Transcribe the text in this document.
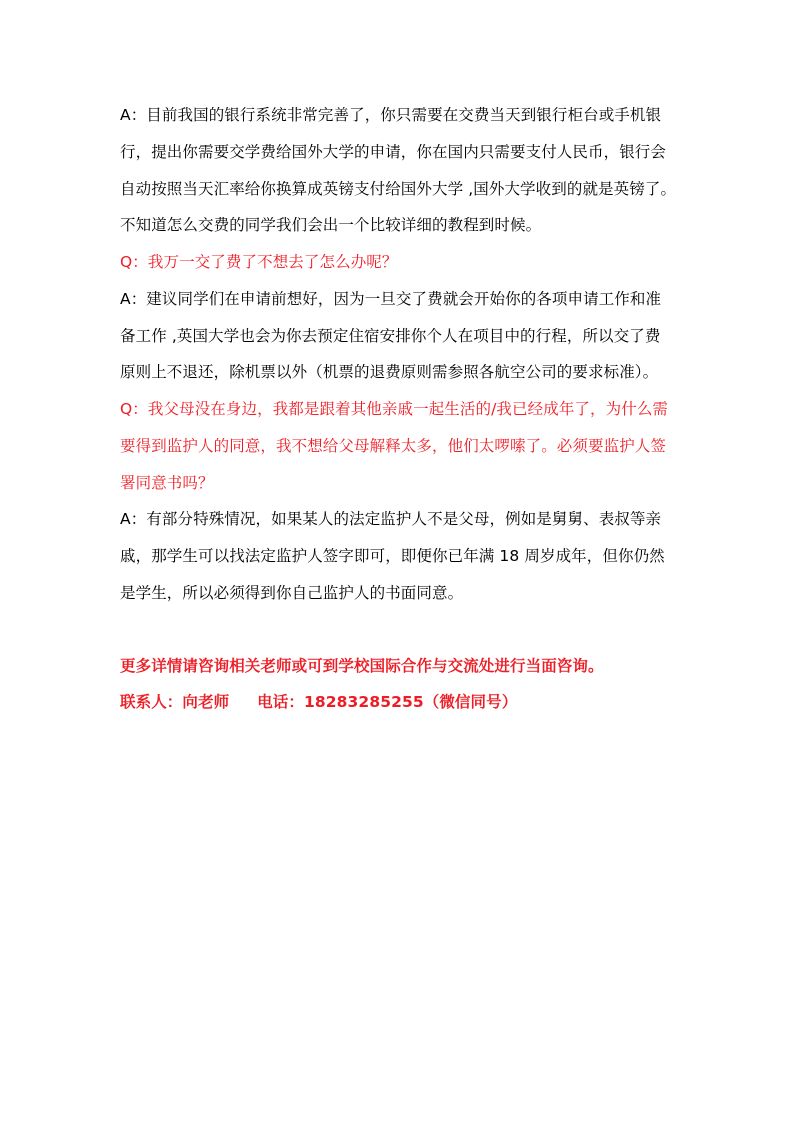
A：目前我国的银行系统非常完善了，你只需要在交费当天到银行柜台或手机银
行，提出你需要交学费给国外大学的申请，你在国内只需要支付人民币，银行会
自动按照当天汇率给你换算成英镑支付给国外大学 ,国外大学收到的就是英镑了。
不知道怎么交费的同学我们会出一个比较详细的教程到时候。
Q：我万一交了费了不想去了怎么办呢？
A：建议同学们在申请前想好，因为一旦交了费就会开始你的各项申请工作和准
备工作 ,英国大学也会为你去预定住宿安排你个人在项目中的行程，所以交了费
原则上不退还，除机票以外（机票的退费原则需参照各航空公司的要求标准）。
Q：我父母没在身边，我都是跟着其他亲戚一起生活的/我已经成年了，为什么需
要得到监护人的同意，我不想给父母解释太多，他们太啰嗦了。必须要监护人签
署同意书吗？
A：有部分特殊情况，如果某人的法定监护人不是父母，例如是舅舅、表叔等亲
戚，那学生可以找法定监护人签字即可，即便你已年满 18 周岁成年，但你仍然
是学生，所以必须得到你自己监护人的书面同意。
更多详情请咨询相关老师或可到学校国际合作与交流处进行当面咨询。
联系人：向老师 电话：18283285255（微信同号）
